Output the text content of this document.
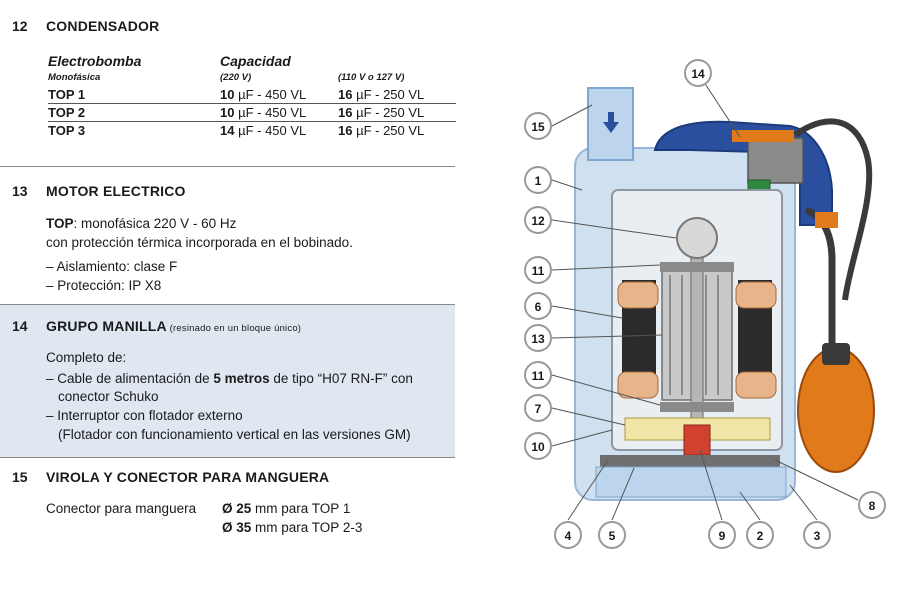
12 CONDENSADOR
Electrobomba	Capacidad	
Monofásica	(220 V)	(110 V o 127 V)
TOP 1	10 µF - 450 VL	16 µF - 250 VL
TOP 2	10 µF - 450 VL	16 µF - 250 VL
TOP 3	14 µF - 450 VL	16 µF - 250 VL
13 MOTOR ELECTRICO
TOP: monofásica 220 V - 60 Hz
con protección térmica incorporada en el bobinado.
– Aislamiento: clase F
– Protección: IP X8
14 GRUPO MANILLA (resinado en un bloque único)
Completo de:
– Cable de alimentación de 5 metros de tipo “H07 RN-F” con
conector Schuko
– Interruptor con flotador externo
(Flotador con funcionamiento vertical en las versiones GM)
15 VIROLA Y CONECTOR PARA MANGUERA
Conector para manguera Ø 25 mm para TOP 1
Ø 35 mm para TOP 2-3
14
15
1
12
11
6
13
11
7
10
8
4	5	9	2	3
